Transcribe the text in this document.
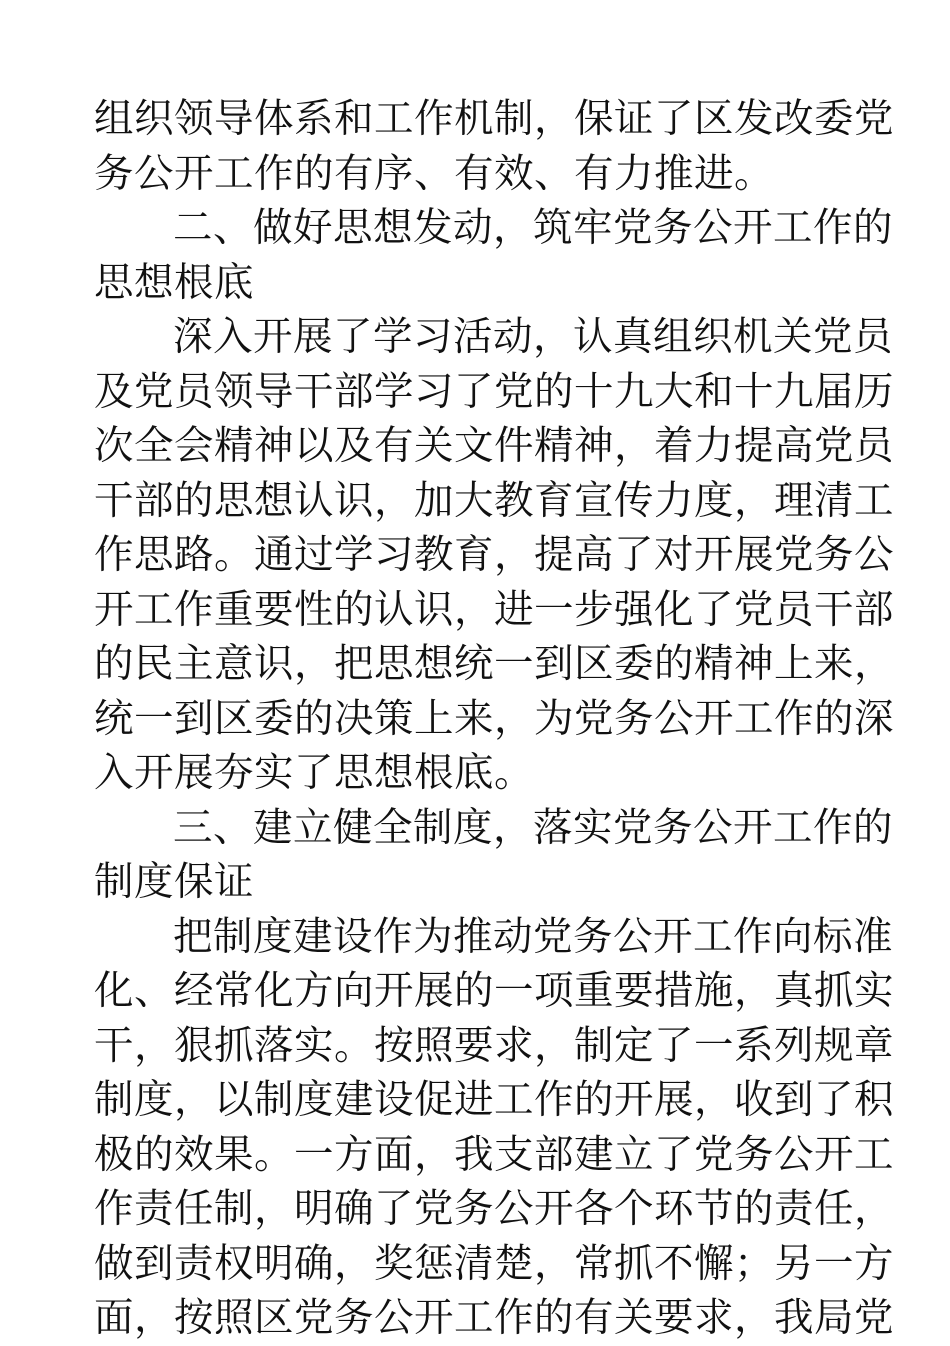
组织领导体系和工作机制，保证了区发改委党
务公开工作的有序、有效、有力推进。
二、做好思想发动，筑牢党务公开工作的
思想根底
深入开展了学习活动，认真组织机关党员
及党员领导干部学习了党的十九大和十九届历
次全会精神以及有关文件精神，着力提高党员
干部的思想认识，加大教育宣传力度，理清工
作思路。通过学习教育，提高了对开展党务公
开工作重要性的认识，进一步强化了党员干部
的民主意识，把思想统一到区委的精神上来，
统一到区委的决策上来，为党务公开工作的深
入开展夯实了思想根底。
三、建立健全制度，落实党务公开工作的
制度保证
把制度建设作为推动党务公开工作向标准
化、经常化方向开展的一项重要措施，真抓实
干，狠抓落实。按照要求，制定了一系列规章
制度，以制度建设促进工作的开展，收到了积
极的效果。一方面，我支部建立了党务公开工
作责任制，明确了党务公开各个环节的责任，
做到责权明确，奖惩清楚，常抓不懈；另一方
面，按照区党务公开工作的有关要求，我局党
